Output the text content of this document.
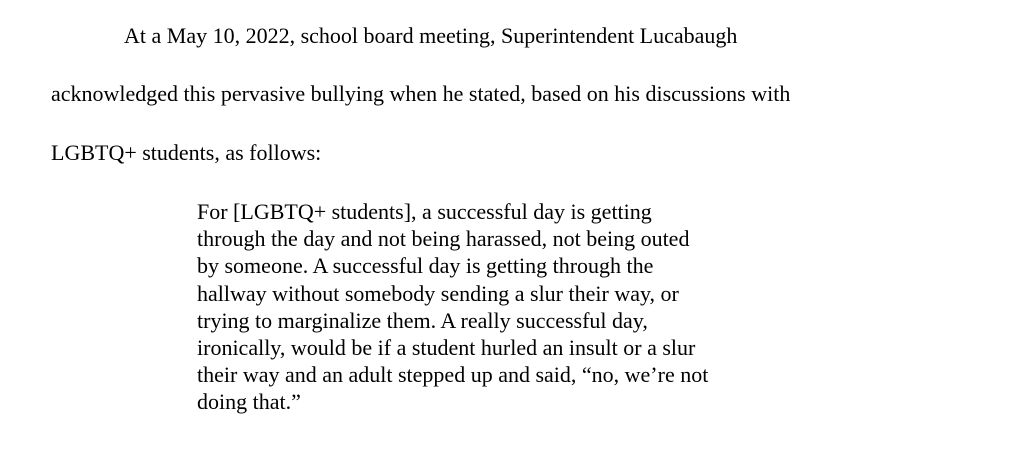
At a May 10, 2022, school board meeting, Superintendent Lucabaugh
acknowledged this pervasive bullying when he stated, based on his discussions with
LGBTQ+ students, as follows:
For [LGBTQ+ students], a successful day is getting
through the day and not being harassed, not being outed
by someone. A successful day is getting through the
hallway without somebody sending a slur their way, or
trying to marginalize them. A really successful day,
ironically, would be if a student hurled an insult or a slur
their way and an adult stepped up and said, “no, we’re not
doing that.”
